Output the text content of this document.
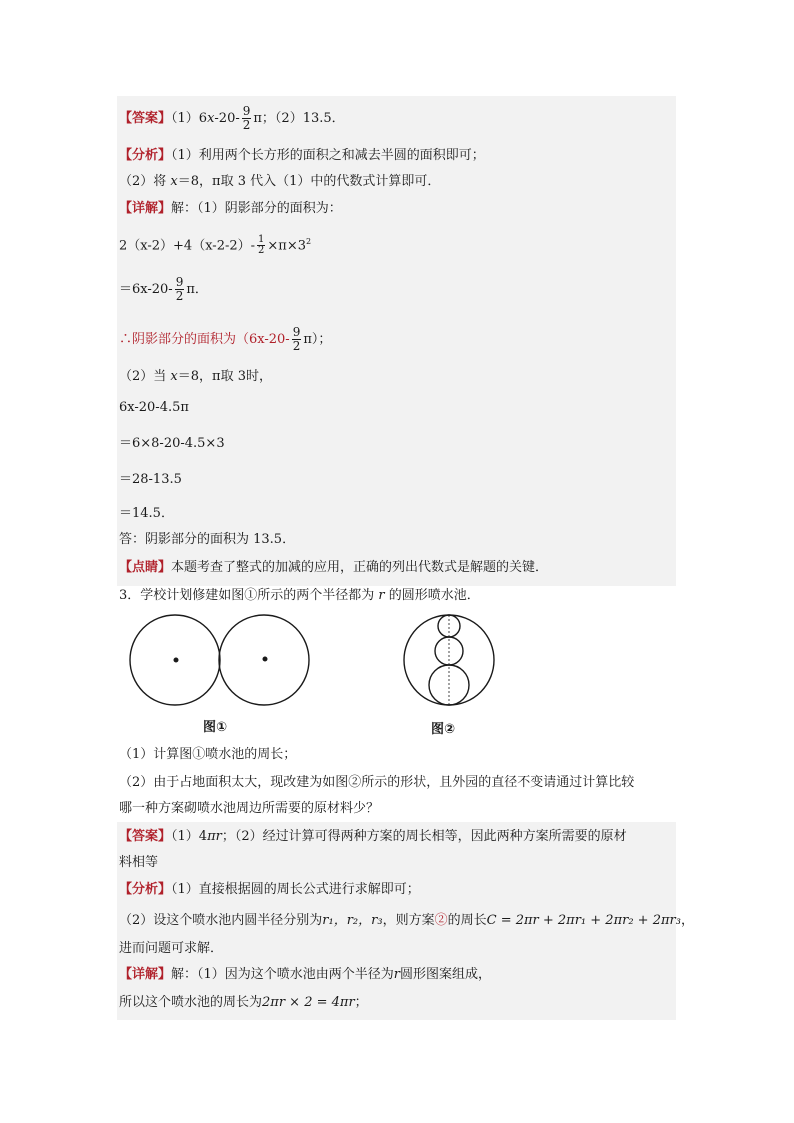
【答案】$(1)6x-20- \frac{9}{2}$ π；（2）13.5．
【分析】（1）利用两个长方形的面积之和减去半圆的面积即可；
（2）将 x＝8，π取 3 代入（1）中的代数式计算即可．
【详解】解：（1）阴影部分的面积为：
$2(x-2)+4(x-2-2)- \frac{1}{2} \times\pi\times 3^2$
$=6x-20- \frac{9}{2}$ π．
∴阴影部分的面积为$(6x-20- \frac{9}{2} \pi)$；
（2）当 x＝8，π取 3时，
6x-20-4.5π
＝6×8-20-4.5×3
＝28-13.5
＝14.5．
答：阴影部分的面积为 13.5．
【点睛】本题考查了整式的加减的应用，正确的列出代数式是解题的关键．
3．学校计划修建如图①所示的两个半径都为 r 的圆形喷水池．
图①	图②
（1）计算图①喷水池的周长；
（2）由于占地面积太大，现改建为如图②所示的形状，且外园的直径不变请通过计算比较
哪一种方案砌喷水池周边所需要的原材料少？
【答案】（1）4πr；（2）经过计算可得两种方案的周长相等，因此两种方案所需要的原材
料相等
【分析】（1）直接根据圆的周长公式进行求解即可；
（2）设这个喷水池内圆半径分别为r₁，r₂，r₃，则方案②的周长C = 2πr + 2πr₁ + 2πr₂ + 2πr₃，
进而问题可求解．
【详解】解：（1）因为这个喷水池由两个半径为r圆形图案组成，
所以这个喷水池的周长为2πr × 2 = 4πr；
